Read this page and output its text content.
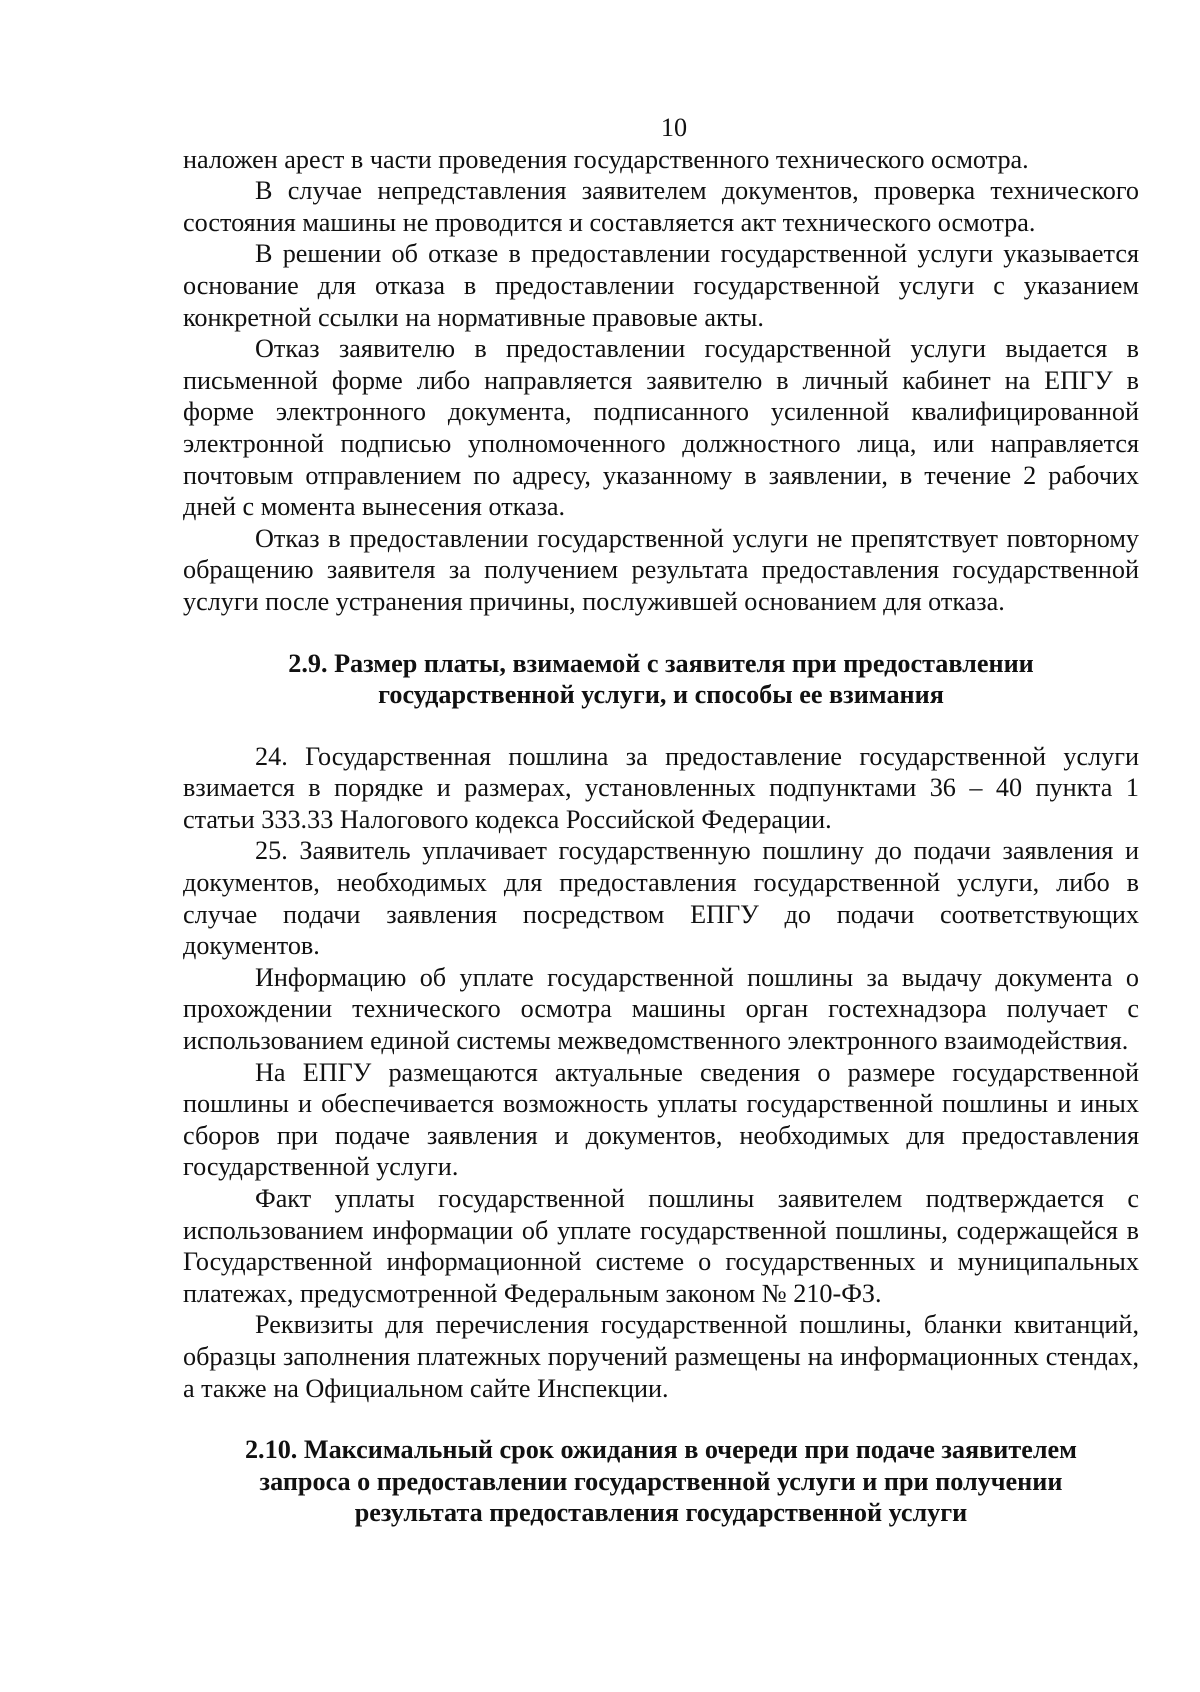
10

наложен арест в части проведения государственного технического осмотра.

В случае непредставления заявителем документов, проверка технического состояния машины не проводится и составляется акт технического осмотра.

В решении об отказе в предоставлении государственной услуги указывается основание для отказа в предоставлении государственной услуги с указанием конкретной ссылки на нормативные правовые акты.

Отказ заявителю в предоставлении государственной услуги выдается в письменной форме либо направляется заявителю в личный кабинет на ЕПГУ в форме электронного документа, подписанного усиленной квалифицированной электронной подписью уполномоченного должностного лица, или направляется почтовым отправлением по адресу, указанному в заявлении, в течение 2 рабочих дней с момента вынесения отказа.

Отказ в предоставлении государственной услуги не препятствует повторному обращению заявителя за получением результата предоставления государственной услуги после устранения причины, послужившей основанием для отказа.

2.9. Размер платы, взимаемой с заявителя при предоставлении
государственной услуги, и способы ее взимания

24. Государственная пошлина за предоставление государственной услуги взимается в порядке и размерах, установленных подпунктами 36 – 40 пункта 1 статьи 333.33 Налогового кодекса Российской Федерации.

25. Заявитель уплачивает государственную пошлину до подачи заявления и документов, необходимых для предоставления государственной услуги, либо в случае подачи заявления посредством ЕПГУ до подачи соответствующих документов.

Информацию об уплате государственной пошлины за выдачу документа о прохождении технического осмотра машины орган гостехнадзора получает с использованием единой системы межведомственного электронного взаимодействия.

На ЕПГУ размещаются актуальные сведения о размере государственной пошлины и обеспечивается возможность уплаты государственной пошлины и иных сборов при подаче заявления и документов, необходимых для предоставления государственной услуги.

Факт уплаты государственной пошлины заявителем подтверждается с использованием информации об уплате государственной пошлины, содержащейся в Государственной информационной системе о государственных и муниципальных платежах, предусмотренной Федеральным законом № 210-ФЗ.

Реквизиты для перечисления государственной пошлины, бланки квитанций, образцы заполнения платежных поручений размещены на информационных стендах, а также на Официальном сайте Инспекции.

2.10. Максимальный срок ожидания в очереди при подаче заявителем
запроса о предоставлении государственной услуги и при получении
результата предоставления государственной услуги
